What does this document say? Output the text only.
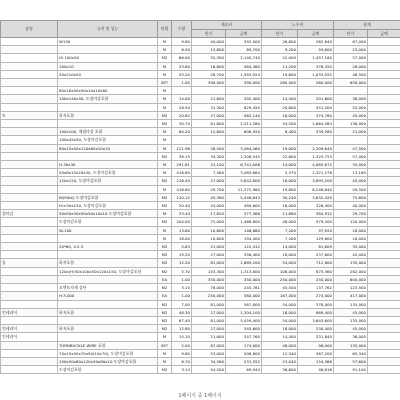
품명	규격 및 성능	단위	수량	재료비		노무비		합계	
				단가	금액	단가	금액	단가	금액
	W150	M	9.80	40,000	392,000	26,800	262,640	67,000	
		M	6.50	13,800	89,700	9,200	59,800	23,000	
	t5.100x50	M2	66.00	32,300	2,140,740	22,000	1,457,160	57,000	
	100x10	M	33.60	16,800	564,480	11,200	376,320	28,000	
	50x210x50	M	55.20	28,700	1,583,924	19,600	1,033,955	48,500	
		SET	1.00	390,000	390,000	260,000	260,000	650,000	
	80x18x50x50x10x10x80	M							
	100x140x50, 도장마감포함	M	14.00	21,600	302,400	14,400	201,600	36,000	
		M	26.50	31,300	829,450	20,800	551,200	52,000	
트	하지포함	M2	20.82	27,000	562,140	18,000	374,760	45,000	
		M2	30.70	81,800	2,511,260	54,500	1,664,584	136,000	
	100x100, 매립마감 포함	M	64.20	12,600	808,920	8,400	539,280	21,000	
	100x45x50, 도장마감포함	M							
	80x15x50x120x60x10x10	M	121.96	28,500	3,464,460	19,000	2,309,640	47,500	
		M2	38.15	34,300	1,308,545	22,800	1,325,753	57,000	
	H-30x30	M	291.81	23,100	6,741,006	14,000	4,085,672	35,000	
	50x8x15x20x30, 도장마감포함	M	416.80	7,560	3,485,664	5,570	2,321,576	13,160	
	120x120, 도장마감포함	M2	216.40	27,000	5,842,800	18,000	3,895,200	45,000	
		M	416.80	29,700	12,372,960	19,800	8,248,640	49,500	
	W(MAX) 도장마감포함	M2	120.12	45,360	5,448,643	30,240	3,632,429	75,600	
	t5×30x150, 도장마감포함	M2	20.40	24,000	489,600	16,000	326,400	40,000	
결마감	50x50x30x50x50x10x10 도장마감포함	M	33.44	17,820	577,368	11,880	384,912	29,700	
	도장마감포함	M2	204.00	72,000	1,468,800	48,000	979,200	120,000	
	W-100	M	13.60	10,800	146,880	7,200	97,920	18,000	
		M	18.00	10,800	194,400	7,200	129,600	18,000	
	20*60, 4.2.3	M2	5.83	21,000	122,412	14,000	81,609	35,000	
		M2	19.20	27,000	356,400	18,000	237,600	45,000	
틀	하지포함	M2	12.20	81,000	1,889,200	54,000	712,800	135,000	
	120x(H)50x100x50x120x150, 도장마감포함	M2	5.70	153,300	1,313,600	108,000	875,560	262,000	
		EA	1.00	350,000	350,000	250,000	250,000	600,000	
	모멘트자재 상단	M2	3.15	78,000	245,781	45,500	137,762	123,500	
	H:3,000	EA	1.00	250,000	580,000	167,000	274,000	417,000	
		M2	7.00	81,000	567,000	54,000	378,000	135,000	
인테리어	하지포함	M2	48.30	27,000	1,304,100	18,000	869,400	45,000	
		M2	67.40	81,000	5,459,400	54,000	3,645,600	135,000	
인테리어	하지포함	M2	12.80	27,000	345,600	18,000	230,400	45,000	
인테리어		M	15.10	21,600	347,760	14,400	231,840	36,000	
	TURNBUCKLE WIRE 포함	SET	2.00	87,000	174,000	48,000	96,000	135,000	
	70x15x50x70x50(10x70), 도장마감포함	M	9.60	53,000	508,800	12,340	367,200	65,340	
	150x50x80x120x50x80x10 도장마감포함	M	6.70	34,560	231,552	23,040	154,368	57,600	
	도장마감포함	M2	3.14	54,500	69,944	36,600	46,616	91,100	
1페이지 중 1페이지
